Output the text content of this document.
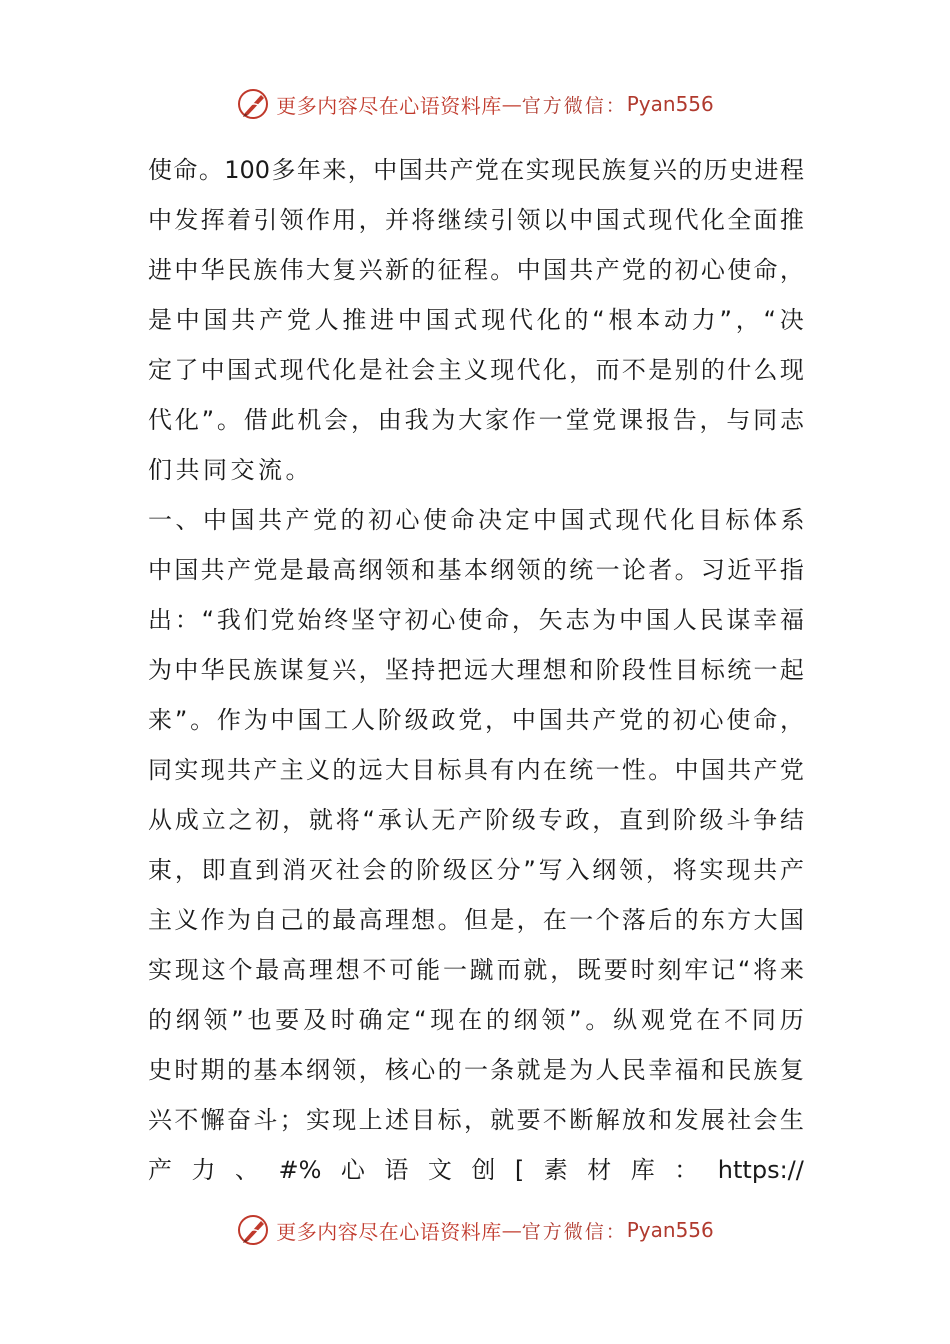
更多内容尽在心语资料库 — 官方微信： Pyan556
使 命 。 100 多 年 来 ， 中 国 共 产 党 在 实 现 民 族 复 兴 的 历 史 进 程
中 发 挥 着 引 领 作 用 ， 并 将 继 续 引 领 以 中 国 式 现 代 化 全 面 推
进 中 华 民 族 伟 大 复 兴 新 的 征 程 。 中 国 共 产 党 的 初 心 使 命 ，
是 中 国 共 产 党 人 推 进 中 国 式 现 代 化 的 “ 根 本 动 力 ” ， “ 决
定 了 中 国 式 现 代 化 是 社 会 主 义 现 代 化 ， 而 不 是 别 的 什 么 现
代 化 ” 。 借 此 机 会 ， 由 我 为 大 家 作 一 堂 党 课 报 告 ， 与 同 志
们共同交流。
一、中国共产党的初心使命决定中国式现代化目标体系
中 国 共 产 党 是 最 高 纲 领 和 基 本 纲 领 的 统 一 论 者 。 习 近 平 指
出 ： “ 我 们 党 始 终 坚 守 初 心 使 命 ， 矢 志 为 中 国 人 民 谋 幸 福
为 中 华 民 族 谋 复 兴 ， 坚 持 把 远 大 理 想 和 阶 段 性 目 标 统 一 起
来 ” 。 作 为 中 国 工 人 阶 级 政 党 ， 中 国 共 产 党 的 初 心 使 命 ，
同 实 现 共 产 主 义 的 远 大 目 标 具 有 内 在 统 一 性 。 中 国 共 产 党
从 成 立 之 初 ， 就 将 “ 承 认 无 产 阶 级 专 政 ， 直 到 阶 级 斗 争 结
束 ， 即 直 到 消 灭 社 会 的 阶 级 区 分 ” 写 入 纲 领 ， 将 实 现 共 产
主 义 作 为 自 己 的 最 高 理 想 。 但 是 ， 在 一 个 落 后 的 东 方 大 国
实 现 这 个 最 高 理 想 不 可 能 一 蹴 而 就 ， 既 要 时 刻 牢 记 “ 将 来
的 纲 领 ” 也 要 及 时 确 定 “ 现 在 的 纲 领 ” 。 纵 观 党 在 不 同 历
史 时 期 的 基 本 纲 领 ， 核 心 的 一 条 就 是 为 人 民 幸 福 和 民 族 复
兴 不 懈 奋 斗 ； 实 现 上 述 目 标 ， 就 要 不 断 解 放 和 发 展 社 会 生
产 力 、 #% 心 语 文 创 [ 素 材 库 ： https://
更多内容尽在心语资料库 — 官方微信： Pyan556
